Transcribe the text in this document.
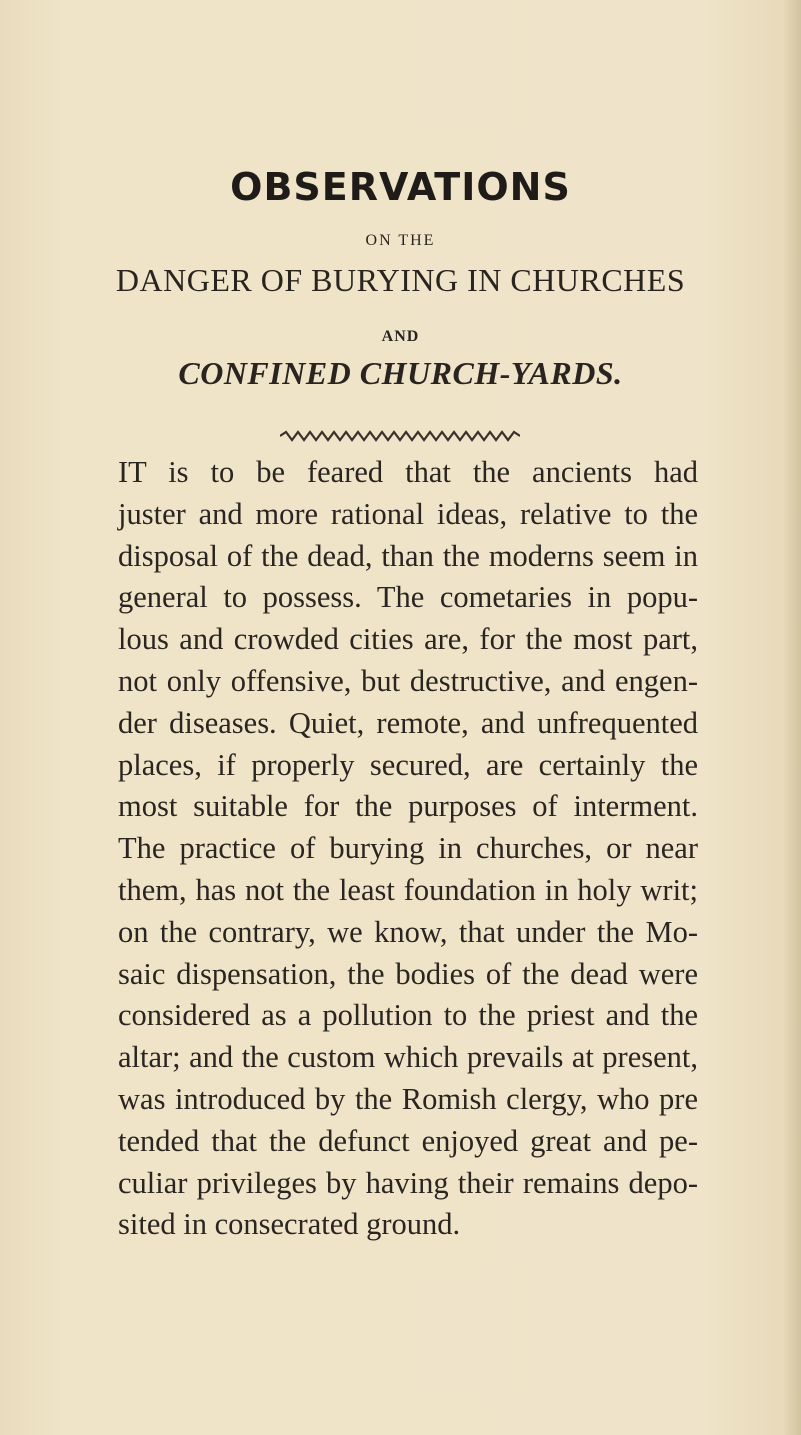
OBSERVATIONS
ON THE
DANGER OF BURYING IN CHURCHES
AND
CONFINED CHURCH-YARDS.
IT is to be feared that the ancients had
juster and more rational ideas, relative to the
disposal of the dead, than the moderns seem in
general to possess. The cometaries in popu-
lous and crowded cities are, for the most part,
not only offensive, but destructive, and engen-
der diseases. Quiet, remote, and unfrequented
places, if properly secured, are certainly the
most suitable for the purposes of interment.
The practice of burying in churches, or near
them, has not the least foundation in holy writ;
on the contrary, we know, that under the Mo-
saic dispensation, the bodies of the dead were
considered as a pollution to the priest and the
altar; and the custom which prevails at present,
was introduced by the Romish clergy, who pre
tended that the defunct enjoyed great and pe-
culiar privileges by having their remains depo-
sited in consecrated ground.
